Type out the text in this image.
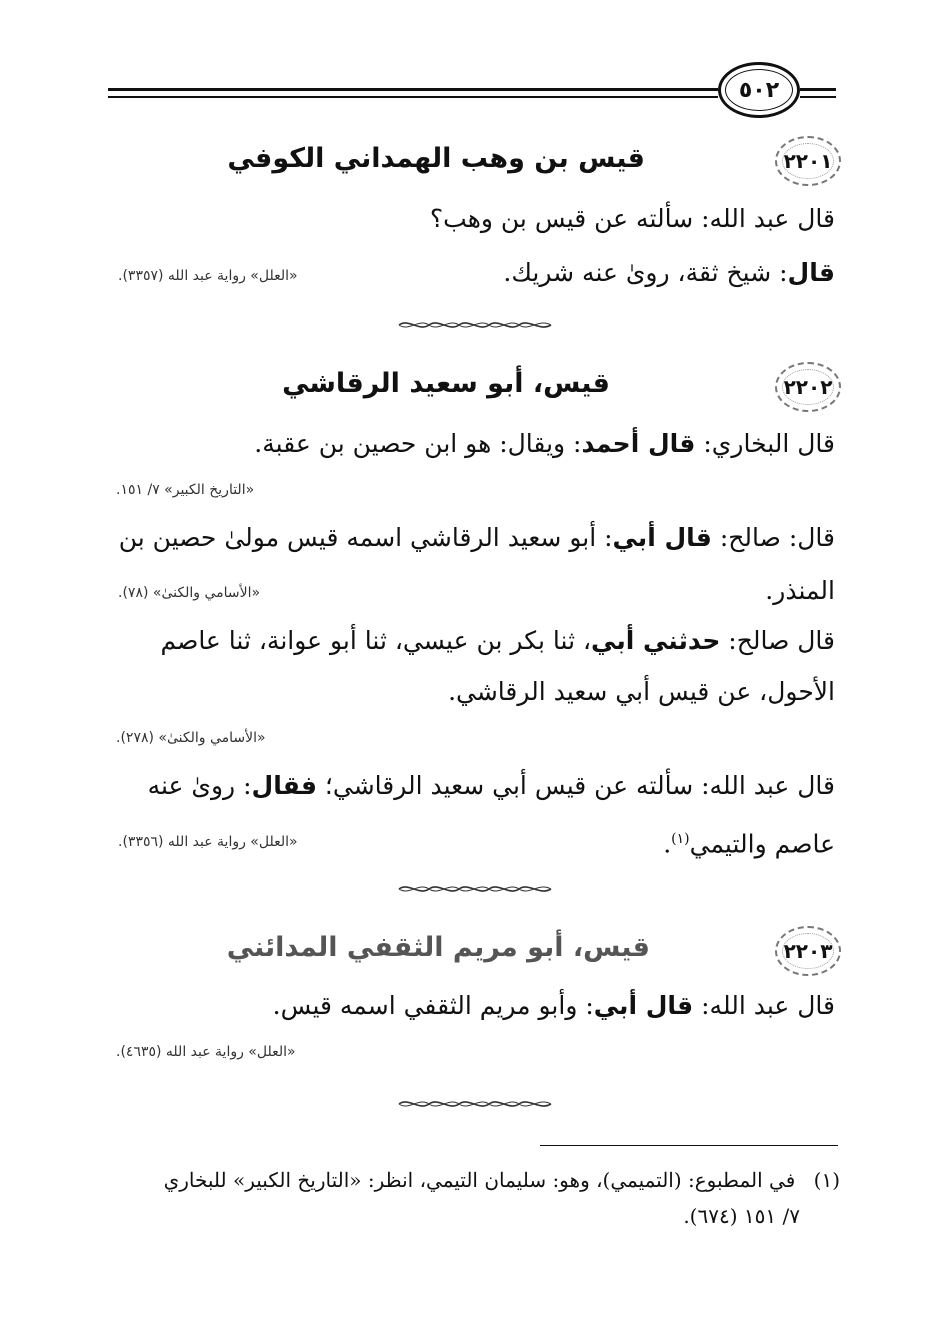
٥٠٢
٢٢٠١
قيس بن وهب الهمداني الكوفي
قال عبد الله: سألته عن قيس بن وهب؟
قال: شيخ ثقة، رویٰ عنه شريك.
«العلل» رواية عبد الله (٣٣٥٧).
٢٢٠٢
قيس، أبو سعيد الرقاشي
قال البخاري: قال أحمد: ويقال: هو ابن حصين بن عقبة.
«التاريخ الكبير» ٧/ ١٥١.
قال: صالح: قال أبي: أبو سعيد الرقاشي اسمه قيس مولىٰ حصين بن
المنذر.
«الأسامي والكنىٰ» (٧٨).
قال صالح: حدثني أبي، ثنا بكر بن عيسي، ثنا أبو عوانة، ثنا عاصم
الأحول، عن قيس أبي سعيد الرقاشي.
«الأسامي والكنىٰ» (٢٧٨).
قال عبد الله: سألته عن قيس أبي سعيد الرقاشي؛ فقال: رویٰ عنه
عاصم والتيمي$^{(١)}$.
«العلل» رواية عبد الله (٣٣٥٦).
٢٢٠٣
قيس، أبو مريم الثقفي المدائني
قال عبد الله: قال أبي: وأبو مريم الثقفي اسمه قيس.
«العلل» رواية عبد الله (٤٦٣٥).
(١) في المطبوع: (التميمي)، وهو: سليمان التيمي، انظر: «التاريخ الكبير» للبخاري
٧/ ١٥١ (٦٧٤).
